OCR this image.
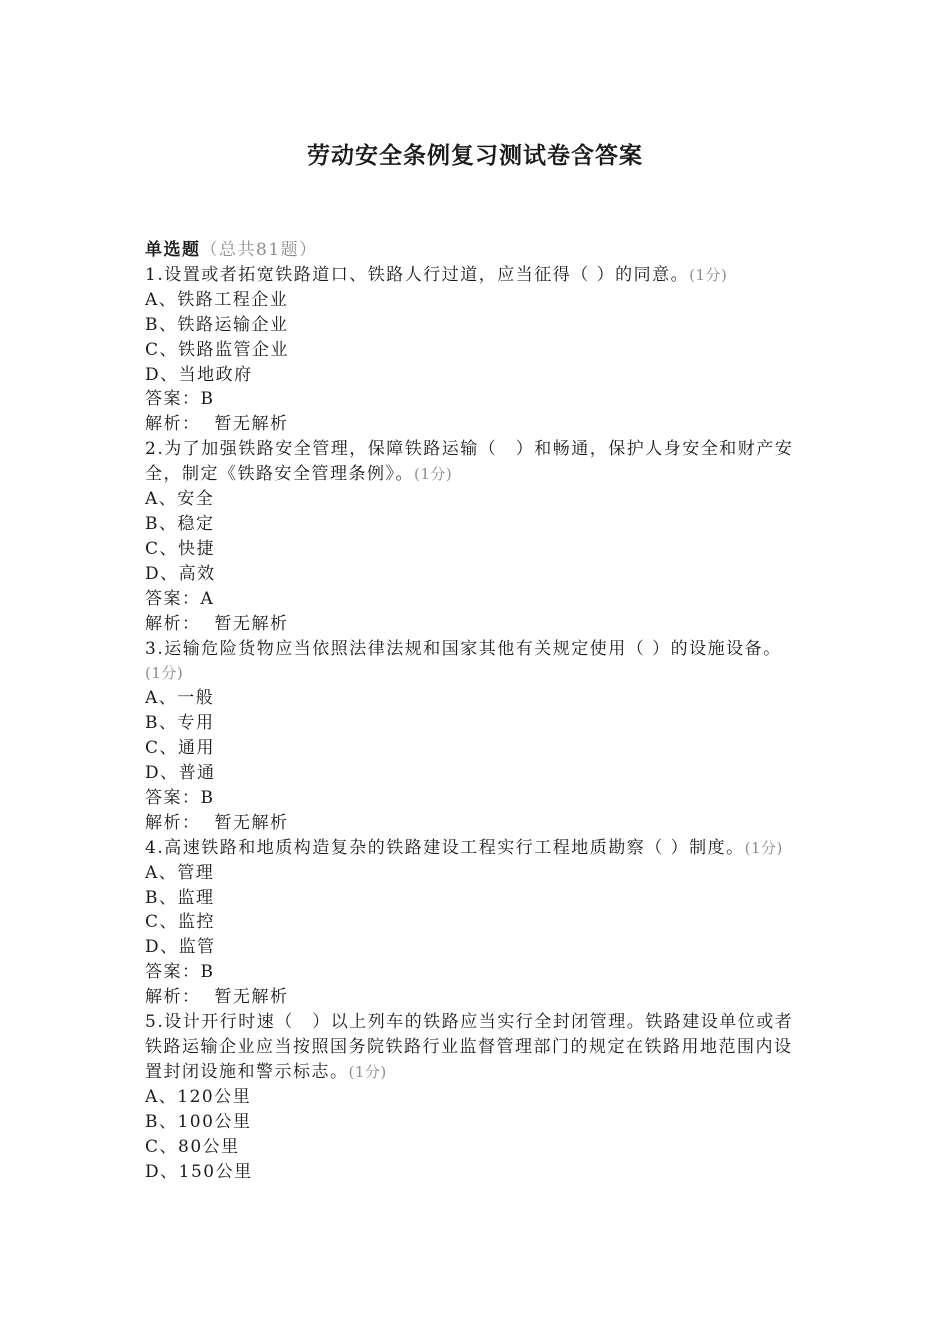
劳动安全条例复习测试卷含答案
单选题（总共81题）
1.设置或者拓宽铁路道口、铁路人行过道，应当征得（ ）的同意。(1分)
A、铁路工程企业
B、铁路运输企业
C、铁路监管企业
D、当地政府
答案：B
解析： 暂无解析
2.为了加强铁路安全管理，保障铁路运输（　）和畅通，保护人身安全和财产安全，制定《铁路安全管理条例》。(1分)
A、安全
B、稳定
C、快捷
D、高效
答案：A
解析： 暂无解析
3.运输危险货物应当依照法律法规和国家其他有关规定使用（ ）的设施设备。
(1分)
A、一般
B、专用
C、通用
D、普通
答案：B
解析： 暂无解析
4.高速铁路和地质构造复杂的铁路建设工程实行工程地质勘察（ ）制度。(1分)
A、管理
B、监理
C、监控
D、监管
答案：B
解析： 暂无解析
5.设计开行时速（　）以上列车的铁路应当实行全封闭管理。铁路建设单位或者铁路运输企业应当按照国务院铁路行业监督管理部门的规定在铁路用地范围内设置封闭设施和警示标志。(1分)
A、120公里
B、100公里
C、80公里
D、150公里
